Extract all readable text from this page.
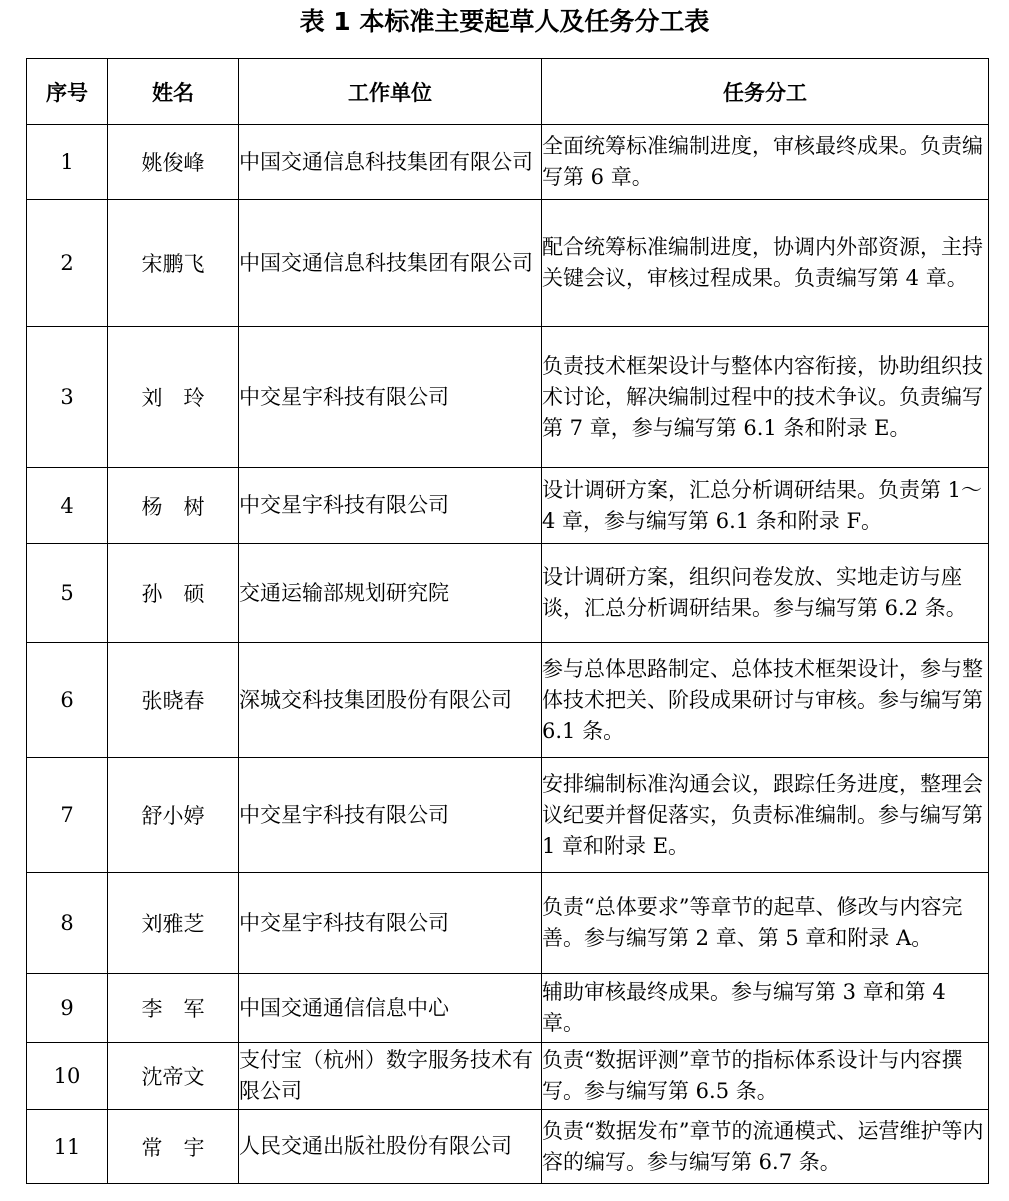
表 1 本标准主要起草人及任务分工表
序号	姓名	工作单位	任务分工
1	姚俊峰	中国交通信息科技集团有限公司	全面统筹标准编制进度，审核最终成果。负责编写第 6 章。
2	宋鹏飞	中国交通信息科技集团有限公司	配合统筹标准编制进度，协调内外部资源，主持关键会议，审核过程成果。负责编写第 4 章。
3	刘　玲	中交星宇科技有限公司	负责技术框架设计与整体内容衔接，协助组织技术讨论，解决编制过程中的技术争议。负责编写第 7 章，参与编写第 6.1 条和附录 E。
4	杨　树	中交星宇科技有限公司	设计调研方案，汇总分析调研结果。负责第 1～4 章，参与编写第 6.1 条和附录 F。
5	孙　硕	交通运输部规划研究院	设计调研方案，组织问卷发放、实地走访与座谈，汇总分析调研结果。参与编写第 6.2 条。
6	张晓春	深城交科技集团股份有限公司	参与总体思路制定、总体技术框架设计，参与整体技术把关、阶段成果研讨与审核。参与编写第 6.1 条。
7	舒小婷	中交星宇科技有限公司	安排编制标准沟通会议，跟踪任务进度，整理会议纪要并督促落实，负责标准编制。参与编写第 1 章和附录 E。
8	刘雅芝	中交星宇科技有限公司	负责“总体要求”等章节的起草、修改与内容完善。参与编写第 2 章、第 5 章和附录 A。
9	李　军	中国交通通信信息中心	辅助审核最终成果。参与编写第 3 章和第 4 章。
10	沈帝文	支付宝（杭州）数字服务技术有限公司	负责“数据评测”章节的指标体系设计与内容撰写。参与编写第 6.5 条。
11	常　宇	人民交通出版社股份有限公司	负责“数据发布”章节的流通模式、运营维护等内容的编写。参与编写第 6.7 条。
